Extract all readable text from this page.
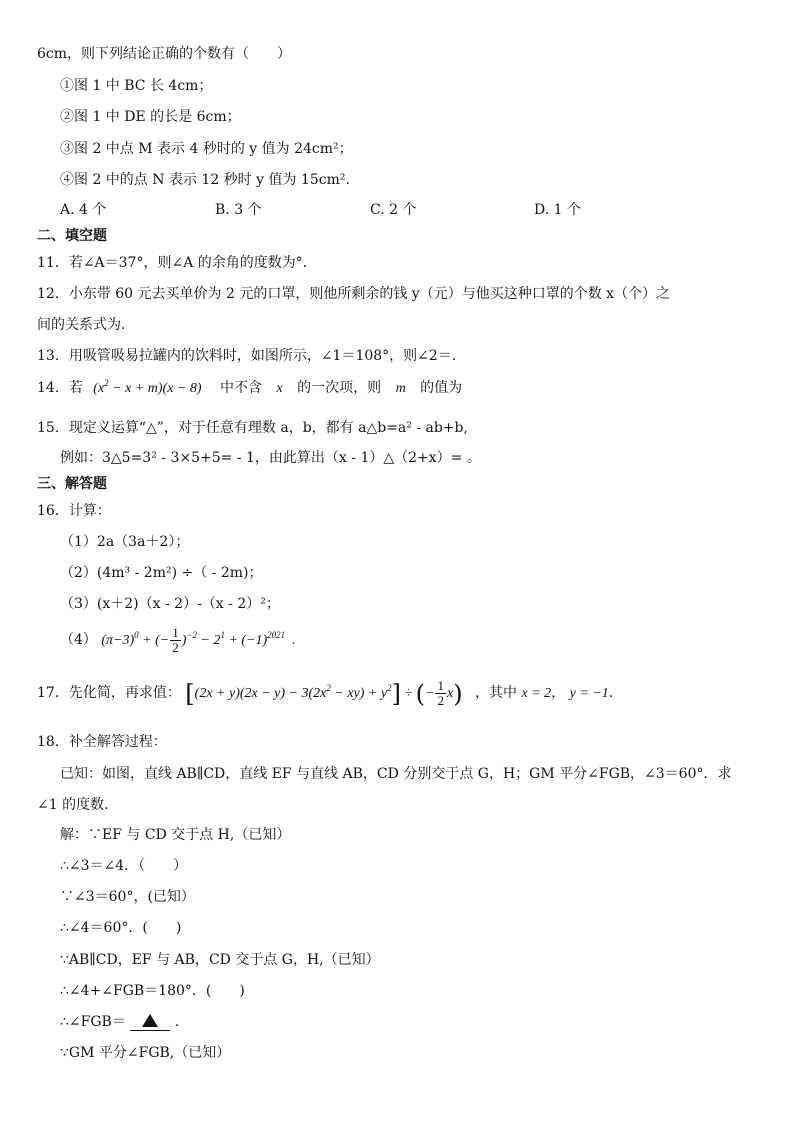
6cm，则下列结论正确的个数有（　　）
①图 1 中 BC 长 4cm；
②图 1 中 DE 的长是 6cm；
③图 2 中点 M 表示 4 秒时的 y 值为 24cm²；
④图 2 中的点 N 表示 12 秒时 y 值为 15cm².
A. 4 个	B. 3 个	C. 2 个	D. 1 个
二、填空题
11．若∠A＝37°，则∠A 的余角的度数为°．
12．小东带 60 元去买单价为 2 元的口罩，则他所剩余的钱 y（元）与他买这种口罩的个数 x（个）之
间的关系式为.
13．用吸管吸易拉罐内的饮料时，如图所示，∠1＝108°，则∠2＝.
14．若 $(x^2 - x + m)(x - 8)$ 中不含 x 的一次项，则 m 的值为
15．现定义运算“△”，对于任意有理数 a，b，都有 a△b=a² - ab+b,
例如：3△5=3² - 3×5+5= - 1，由此算出（x - 1）△（2+x）= 。
三、解答题
16．计算：
（1）2a（3a＋2）；
（2）(4m³ - 2m²) ÷（ - 2m)；
（3）(x＋2)（x - 2）-（x - 2）²；
（4） $(\pi-3)^0$ + (− $\frac{1}{2} )^{-2} - 2^1 + (-1)^{2021}$  .
17．先化简，再求值： $[(2x + y)(2x - y) - 3(2x^2 - xy) + y^2]$ ÷ (− $\frac{1}{2} x$) ，其中 x = 2， y = −1.
18．补全解答过程：
已知：如图，直线 AB∥CD，直线 EF 与直线 AB，CD 分别交于点 G，H；GM 平分∠FGB，∠3＝60°．求
∠1 的度数.
解：∵EF 与 CD 交于点 H,（已知）
∴∠3＝∠4．（　　）
∵∠3＝60°，(已知）
∴∠4＝60°．(　　)
∵AB∥CD，EF 与 AB，CD 交于点 G，H,（已知）
∴∠4+∠FGB＝180°．(　　)
∴∠FGB＝	.
∵GM 平分∠FGB,（已知）
